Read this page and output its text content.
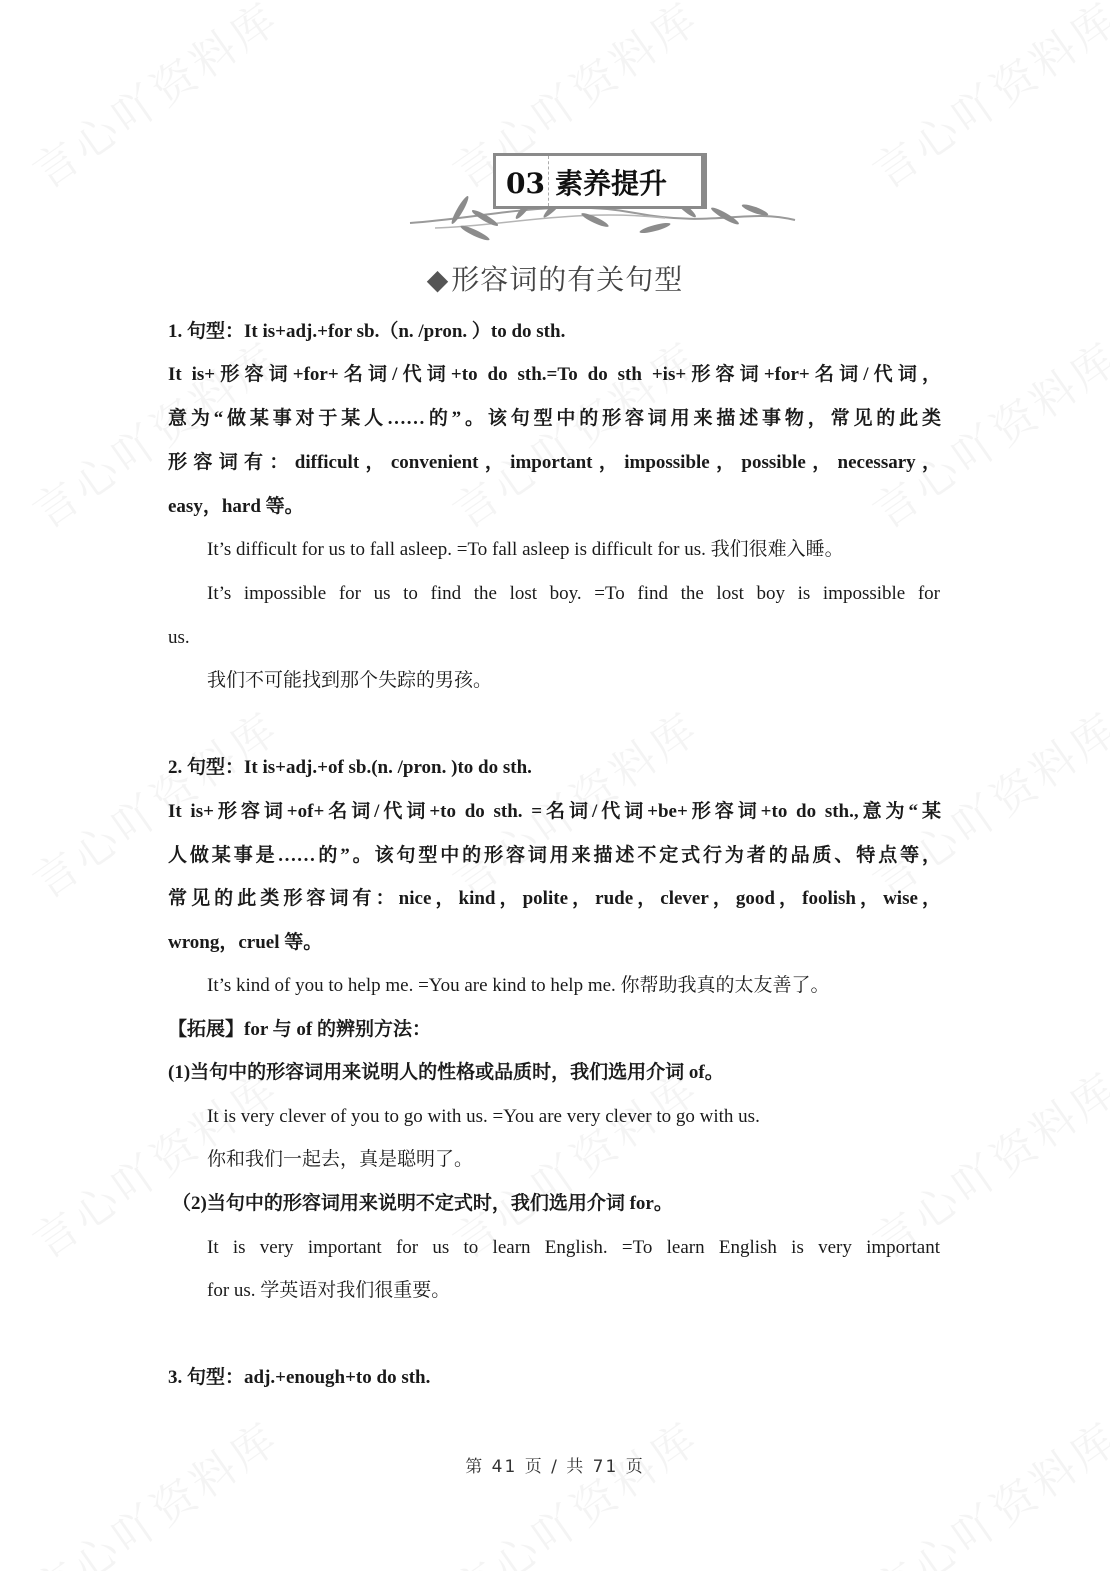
03 素养提升
◆形容词的有关句型
1. 句型：It is+adj.+for sb.（n. /pron. ）to do sth.
It is+形容词+for+名词/代词+to do sth.=To do sth +is+形容词+for+名词/代词，
意为“做某事对于某人……的”。该句型中的形容词用来描述事物，常见的此类
形容词有：difficult，convenient，important，impossible，possible，necessary，
easy，hard 等。
It’s difficult for us to fall asleep. =To fall asleep is difficult for us. 我们很难入睡。
It’s impossible for us to find the lost boy. =To find the lost boy is impossible for
us.
我们不可能找到那个失踪的男孩。
2. 句型：It is+adj.+of sb.(n. /pron. )to do sth.
It is+形容词+of+名词/代词+to do sth. =名词/代词+be+形容词+to do sth.,意为“某
人做某事是……的”。该句型中的形容词用来描述不定式行为者的品质、特点等，
常见的此类形容词有：nice，kind，polite，rude，clever，good，foolish，wise，
wrong，cruel 等。
It’s kind of you to help me. =You are kind to help me. 你帮助我真的太友善了。
【拓展】for 与 of 的辨别方法：
(1)当句中的形容词用来说明人的性格或品质时，我们选用介词 of。
It is very clever of you to go with us. =You are very clever to go with us.
你和我们一起去，真是聪明了。
（2)当句中的形容词用来说明不定式时，我们选用介词 for。
It is very important for us to learn English. =To learn English is very important
for us. 学英语对我们很重要。
3. 句型：adj.+enough+to do sth.
第 41 页 / 共 71 页
